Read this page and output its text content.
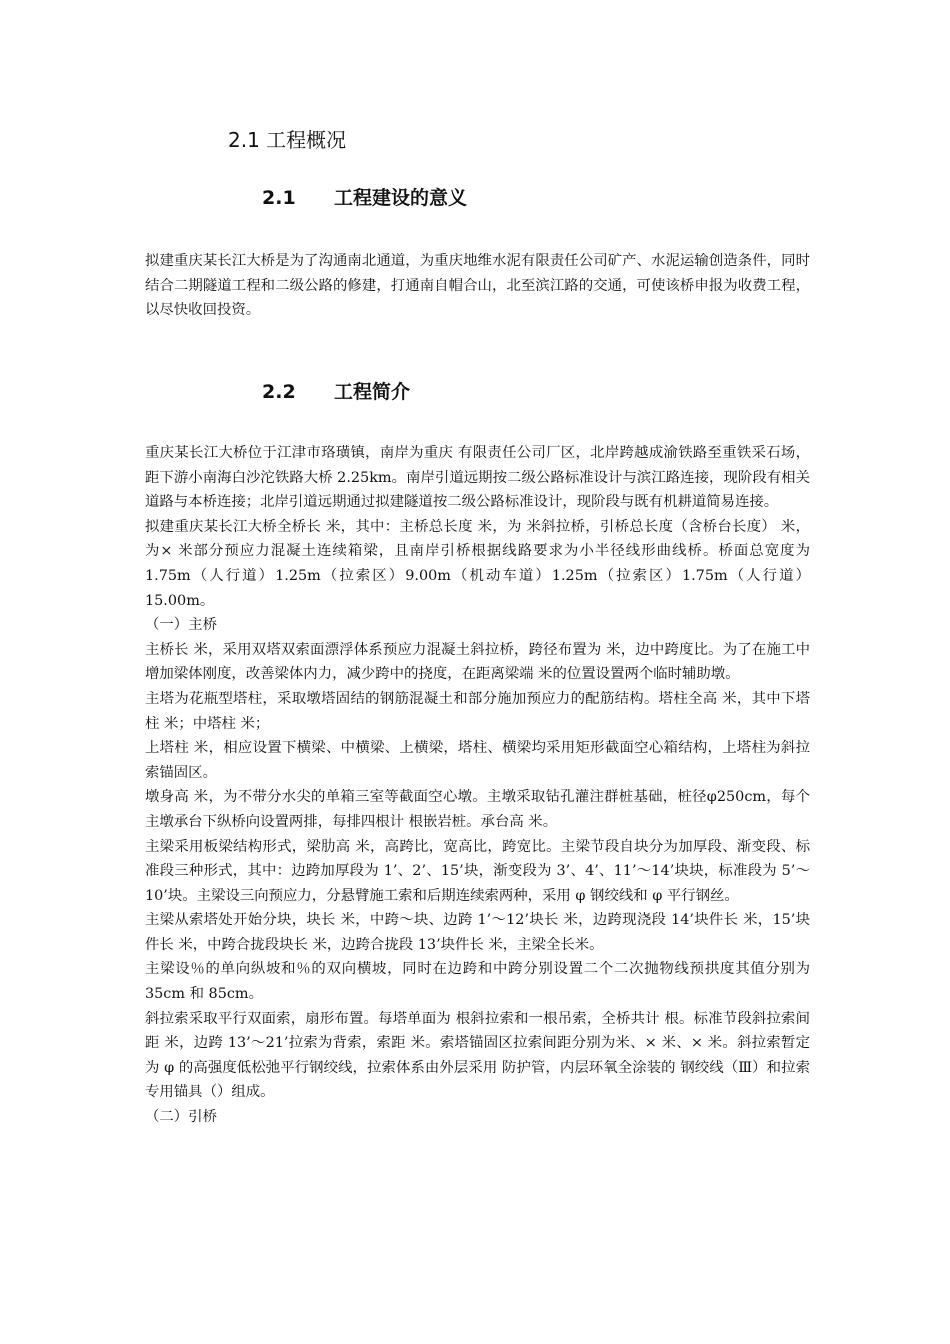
2.1 工程概况
2.1 工程建设的意义

拟建重庆某长江大桥是为了沟通南北通道，为重庆地维水泥有限责任公司矿产、水泥运输创造条件，同时结合二期隧道工程和二级公路的修建，打通南自帽合山，北至滨江路的交通，可使该桥申报为收费工程，以尽快收回投资。

2.2 工程简介

重庆某长江大桥位于江津市珞璜镇，南岸为重庆 有限责任公司厂区，北岸跨越成渝铁路至重铁采石场，距下游小南海白沙沱铁路大桥 2.25km。南岸引道远期按二级公路标准设计与滨江路连接，现阶段有相关道路与本桥连接；北岸引道远期通过拟建隧道按二级公路标准设计，现阶段与既有机耕道简易连接。

拟建重庆某长江大桥全桥长 米，其中：主桥总长度 米，为 米斜拉桥，引桥总长度（含桥台长度） 米，为× 米部分预应力混凝土连续箱梁，且南岸引桥根据线路要求为小半径线形曲线桥。桥面总宽度为 1.75m（人行道）1.25m（拉索区）9.00m（机动车道）1.25m（拉索区）1.75m（人行道）15.00m。

（一）主桥

主桥长 米，采用双塔双索面漂浮体系预应力混凝土斜拉桥，跨径布置为 米，边中跨度比。为了在施工中增加梁体刚度，改善梁体内力，减少跨中的挠度，在距离梁端 米的位置设置两个临时辅助墩。

主塔为花瓶型塔柱，采取墩塔固结的钢筋混凝土和部分施加预应力的配筋结构。塔柱全高 米，其中下塔柱 米；中塔柱 米；

上塔柱 米，相应设置下横梁、中横梁、上横梁，塔柱、横梁均采用矩形截面空心箱结构，上塔柱为斜拉索锚固区。

墩身高 米，为不带分水尖的单箱三室等截面空心墩。主墩采取钻孔灌注群桩基础，桩径φ250cm，每个主墩承台下纵桥向设置两排，每排四根计 根嵌岩桩。承台高 米。

主梁采用板梁结构形式，梁肋高 米，高跨比，宽高比，跨宽比。主梁节段自块分为加厚段、渐变段、标准段三种形式，其中：边跨加厚段为 1’、2’、15’块，渐变段为 3’、4’、11’～14’块块，标准段为 5’～10’块。主梁设三向预应力，分悬臂施工索和后期连续索两种，采用 φ 钢绞线和 φ 平行钢丝。

主梁从索塔处开始分块，块长 米，中跨～块、边跨 1’～12’块长 米，边跨现浇段 14’块件长 米，15’块件长 米，中跨合拢段块长 米，边跨合拢段 13’块件长 米，主梁全长米。

主梁设％的单向纵坡和％的双向横坡，同时在边跨和中跨分别设置二个二次抛物线预拱度其值分别为 35cm 和 85cm。

斜拉索采取平行双面索，扇形布置。每塔单面为 根斜拉索和一根吊索，全桥共计 根。标准节段斜拉索间距 米，边跨 13’～21’拉索为背索，索距 米。索塔锚固区拉索间距分别为米、× 米、× 米。斜拉索暂定为 φ 的高强度低松弛平行钢绞线，拉索体系由外层采用 防护管，内层环氧全涂装的 钢绞线（Ⅲ）和拉索专用锚具（）组成。

（二）引桥
